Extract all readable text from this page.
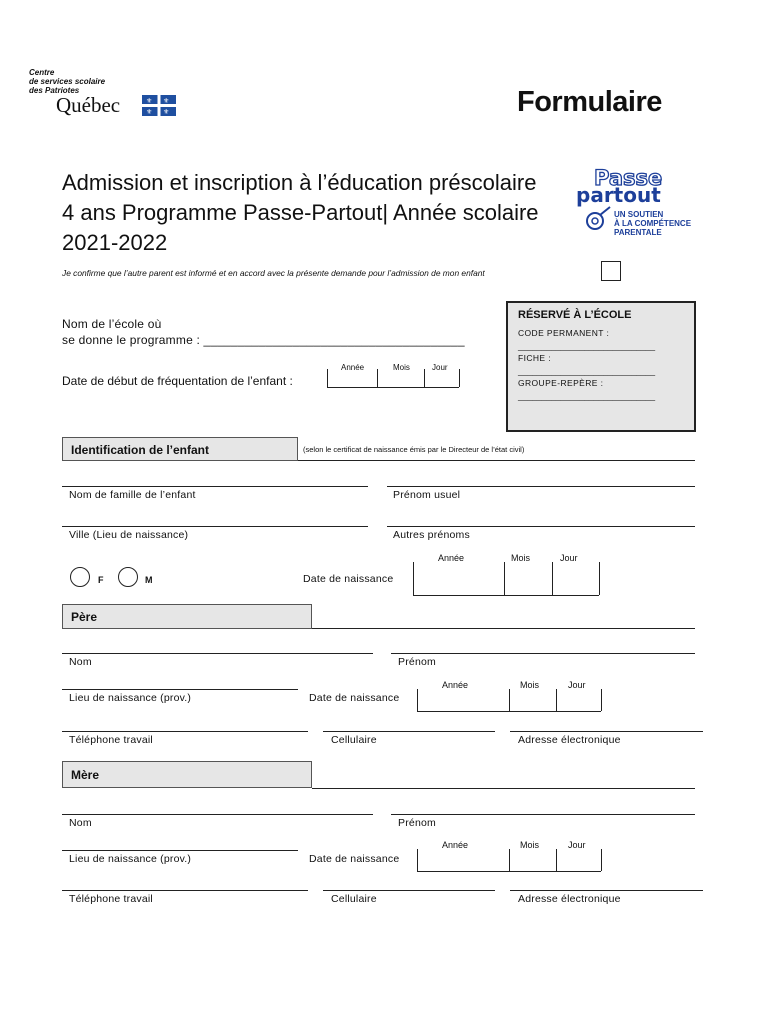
Centre
de services scolaire
des Patriotes
Québec	⚜ ⚜
⚜ ⚜	Formulaire
Admission et inscription à l’éducation préscolaire
4 ans Programme Passe-Partout| Année scolaire
2021-2022
Passe
partout
UN SOUTIEN
À LA COMPÉTENCE
PARENTALE
Je confirme que l’autre parent est informé et en accord avec la présente demande pour l’admission de mon enfant
Nom de l’école où
se donne le programme : ______________________________________
Date de début de fréquentation de l’enfant :
Année	Mois	Jour
RÉSERVÉ À L’ÉCOLE
CODE PERMANENT :
_____________________________
FICHE :
_____________________________
GROUPE-REPÈRE :
_____________________________
Identification de l’enfant	(selon le certificat de naissance émis par le Directeur de l’état civil)
Nom de famille de l’enfant	Prénom usuel
Ville (Lieu de naissance)	Autres prénoms
F	M	Date de naissance
Année	Mois	Jour
Père
Nom	Prénom
Lieu de naissance (prov.)	Date de naissance
Année	Mois	Jour
Téléphone travail	Cellulaire	Adresse électronique
Mère
Nom	Prénom
Lieu de naissance (prov.)	Date de naissance
Année	Mois	Jour
Téléphone travail	Cellulaire	Adresse électronique
